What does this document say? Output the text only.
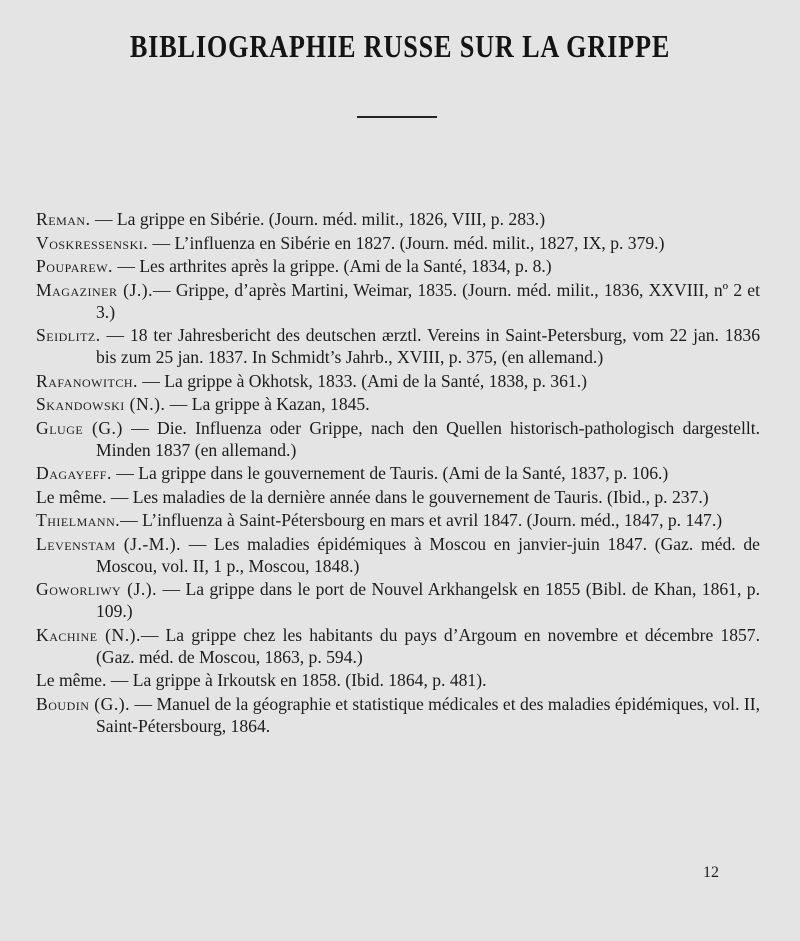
BIBLIOGRAPHIE RUSSE SUR LA GRIPPE

Reman. — La grippe en Sibérie. (Journ. méd. milit., 1826, VIII, p. 283.)

Voskressenski. — L’influenza en Sibérie en 1827. (Journ. méd. milit., 1827, IX, p. 379.)

Pouparew. — Les arthrites après la grippe. (Ami de la Santé, 1834, p. 8.)

Magaziner (J.).— Grippe, d’après Martini, Weimar, 1835. (Journ. méd. milit., 1836, XXVIII, nº 2 et 3.)

Seidlitz. — 18 ter Jahresbericht des deutschen ærztl. Vereins in Saint-Petersburg, vom 22 jan. 1836 bis zum 25 jan. 1837. In Schmidt’s Jahrb., XVIII, p. 375, (en allemand.)

Rafanowitch. — La grippe à Okhotsk, 1833. (Ami de la Santé, 1838, p. 361.)

Skandowski (N.). — La grippe à Kazan, 1845.

Gluge (G.) — Die. Influenza oder Grippe, nach den Quellen historisch-pathologisch dargestellt. Minden 1837 (en allemand.)

Dagayeff. — La grippe dans le gouvernement de Tauris. (Ami de la Santé, 1837, p. 106.)

Le même. — Les maladies de la dernière année dans le gouvernement de Tauris. (Ibid., p. 237.)

Thielmann.— L’influenza à Saint-Pétersbourg en mars et avril 1847. (Journ. méd., 1847, p. 147.)

Levenstam (J.-M.). — Les maladies épidémiques à Moscou en janvier-juin 1847. (Gaz. méd. de Moscou, vol. II, 1 p., Moscou, 1848.)

Goworliwy (J.). — La grippe dans le port de Nouvel Arkhangelsk en 1855 (Bibl. de Khan, 1861, p. 109.)

Kachine (N.).— La grippe chez les habitants du pays d’Argoum en novembre et décembre 1857. (Gaz. méd. de Moscou, 1863, p. 594.)

Le même. — La grippe à Irkoutsk en 1858. (Ibid. 1864, p. 481).

Boudin (G.). — Manuel de la géographie et statistique médicales et des maladies épidémiques, vol. II, Saint-Pétersbourg, 1864.

12
